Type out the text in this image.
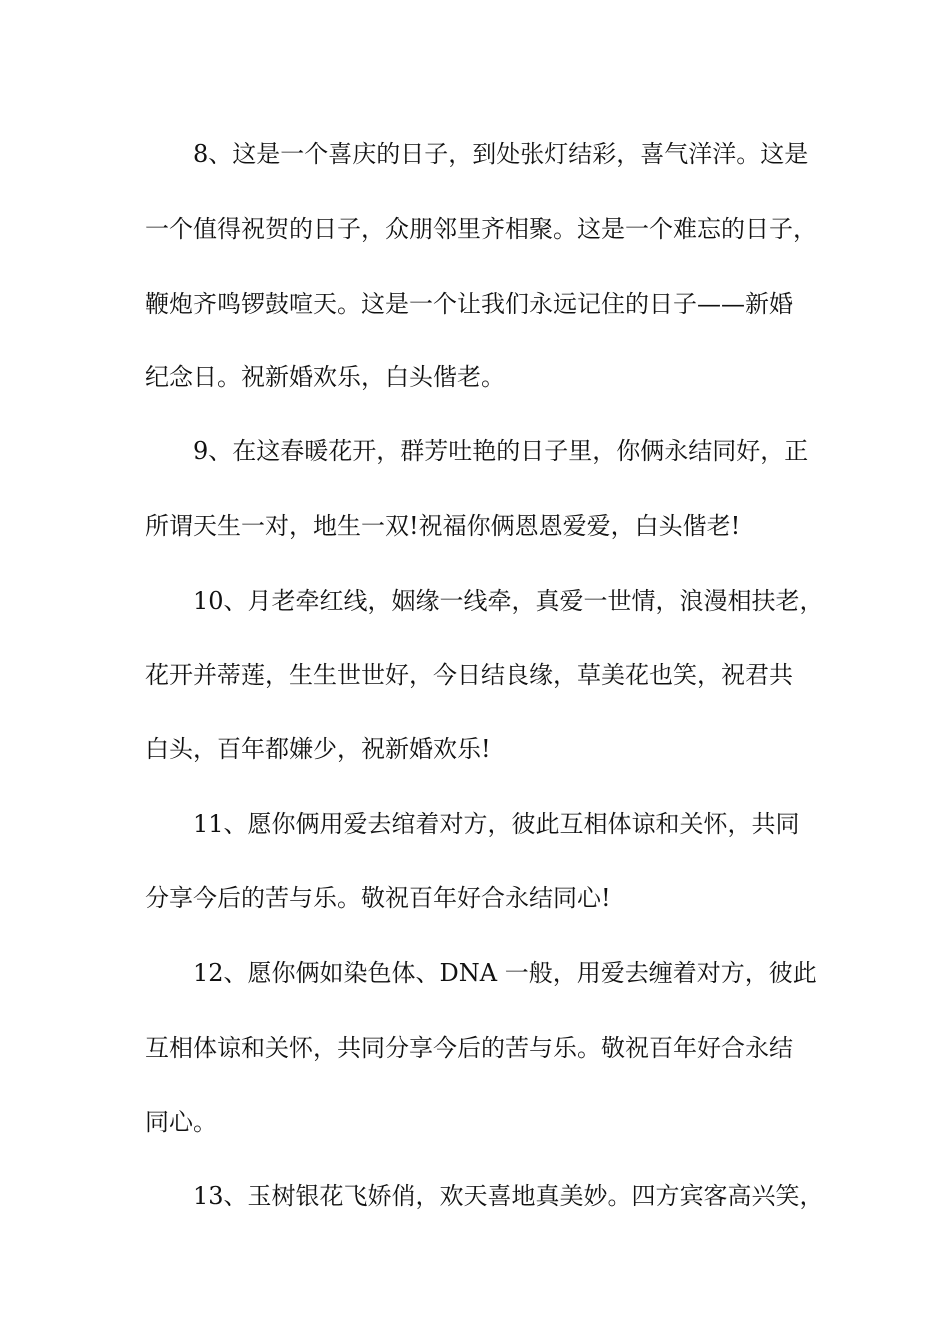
8、这是一个喜庆的日子，到处张灯结彩，喜气洋洋。这是

一个值得祝贺的日子，众朋邻里齐相聚。这是一个难忘的日子，

鞭炮齐鸣锣鼓喧天。这是一个让我们永远记住的日子——新婚

纪念日。祝新婚欢乐，白头偕老。

9、在这春暖花开，群芳吐艳的日子里，你俩永结同好，正

所谓天生一对，地生一双!祝福你俩恩恩爱爱，白头偕老!

10、月老牵红线，姻缘一线牵，真爱一世情，浪漫相扶老，

花开并蒂莲，生生世世好，今日结良缘，草美花也笑，祝君共

白头，百年都嫌少，祝新婚欢乐!

11、愿你俩用爱去绾着对方，彼此互相体谅和关怀，共同

分享今后的苦与乐。敬祝百年好合永结同心!

12、愿你俩如染色体、DNA 一般，用爱去缠着对方，彼此

互相体谅和关怀，共同分享今后的苦与乐。敬祝百年好合永结

同心。

13、玉树银花飞娇俏，欢天喜地真美妙。四方宾客高兴笑，
